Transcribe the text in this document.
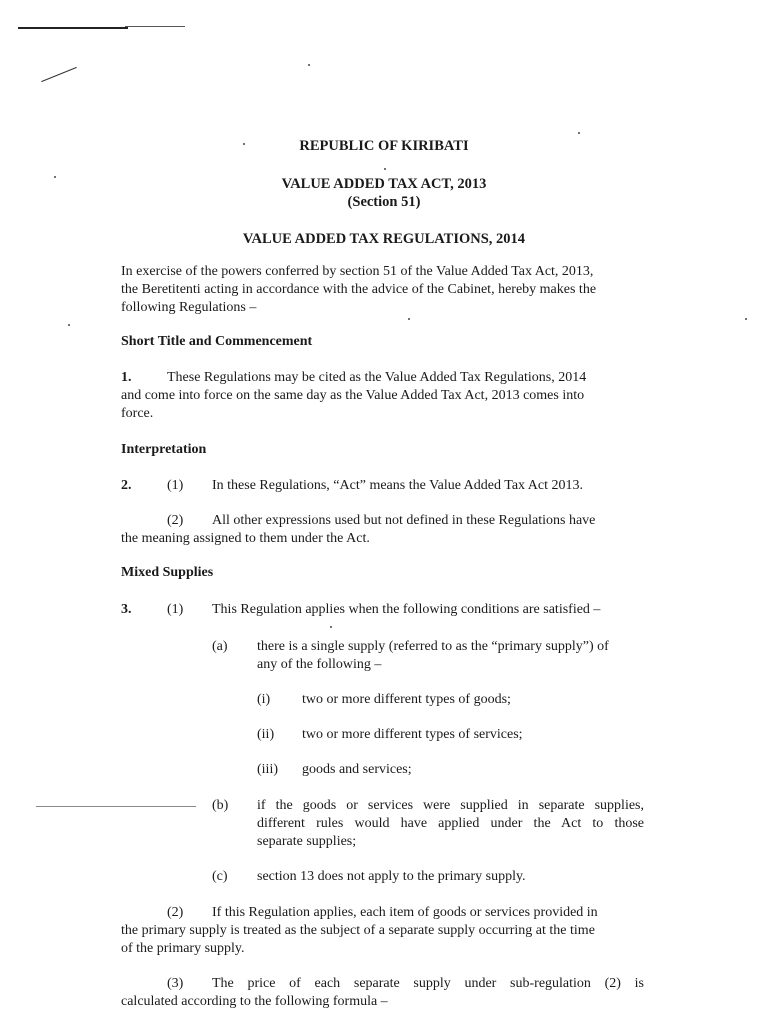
REPUBLIC OF KIRIBATI
VALUE ADDED TAX ACT, 2013
(Section 51)
VALUE ADDED TAX REGULATIONS, 2014
In exercise of the powers conferred by section 51 of the Value Added Tax Act, 2013,
the Beretitenti acting in accordance with the advice of the Cabinet, hereby makes the
following Regulations –
Short Title and Commencement
1.	These Regulations may be cited as the Value Added Tax Regulations, 2014
and come into force on the same day as the Value Added Tax Act, 2013 comes into
force.
Interpretation
2.	(1) In these Regulations, “Act” means the Value Added Tax Act 2013.
(2) All other expressions used but not defined in these Regulations have
the meaning assigned to them under the Act.
Mixed Supplies
3.	(1) This Regulation applies when the following conditions are satisfied –
(a) there is a single supply (referred to as the “primary supply”) of
any of the following –
(i) two or more different types of goods;
(ii) two or more different types of services;
(iii) goods and services;
(b) if the goods or services were supplied in separate supplies,
different rules would have applied under the Act to those
separate supplies;
(c) section 13 does not apply to the primary supply.
(2) If this Regulation applies, each item of goods or services provided in
the primary supply is treated as the subject of a separate supply occurring at the time
of the primary supply.
(3) The price of each separate supply under sub-regulation (2) is
calculated according to the following formula –
